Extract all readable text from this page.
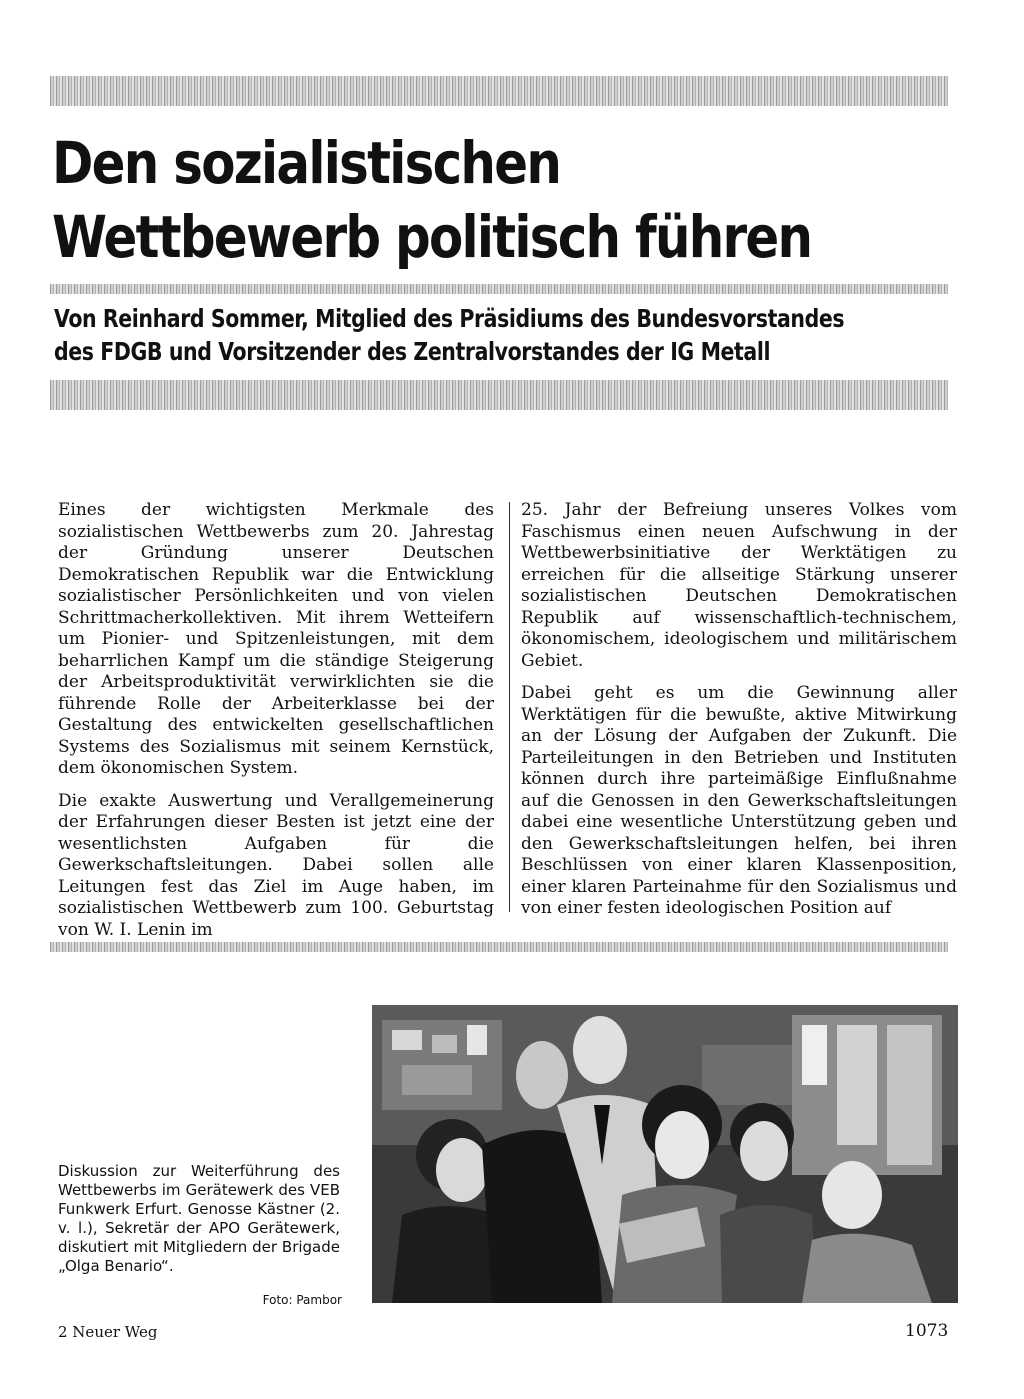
Den sozialistischen
Wettbewerb politisch führen

Von Reinhard Sommer, Mitglied des Präsidiums des Bundesvorstandes
des FDGB und Vorsitzender des Zentralvorstandes der IG Metall

Eines der wichtigsten Merkmale des sozialistischen Wettbewerbs zum 20. Jahrestag der Gründung unserer Deutschen Demokratischen Republik war die Entwicklung sozialistischer Persönlichkeiten und von vielen Schrittmacherkollektiven. Mit ihrem Wetteifern um Pionier- und Spitzenleistungen, mit dem beharrlichen Kampf um die ständige Steigerung der Arbeitsproduktivität verwirklichten sie die führende Rolle der Arbeiterklasse bei der Gestaltung des entwickelten gesellschaftlichen Systems des Sozialismus mit seinem Kernstück, dem ökonomischen System.

Die exakte Auswertung und Verallgemeinerung der Erfahrungen dieser Besten ist jetzt eine der wesentlichsten Aufgaben für die Gewerkschaftsleitungen. Dabei sollen alle Leitungen fest das Ziel im Auge haben, im sozialistischen Wettbewerb zum 100. Geburtstag von W. I. Lenin im

25. Jahr der Befreiung unseres Volkes vom Faschismus einen neuen Aufschwung in der Wettbewerbsinitiative der Werktätigen zu erreichen für die allseitige Stärkung unserer sozialistischen Deutschen Demokratischen Republik auf wissenschaftlich-technischem, ökonomischem, ideologischem und militärischem Gebiet.

Dabei geht es um die Gewinnung aller Werktätigen für die bewußte, aktive Mitwirkung an der Lösung der Aufgaben der Zukunft. Die Parteileitungen in den Betrieben und Instituten können durch ihre parteimäßige Einflußnahme auf die Genossen in den Gewerkschaftsleitungen dabei eine wesentliche Unterstützung geben und den Gewerkschaftsleitungen helfen, bei ihren Beschlüssen von einer klaren Klassenposition, einer klaren Parteinahme für den Sozialismus und von einer festen ideologischen Position auf

Diskussion zur Weiterführung des Wettbewerbs im Gerätewerk des VEB Funkwerk Erfurt. Genosse Kästner (2. v. l.), Sekretär der APO Gerätewerk, diskutiert mit Mitgliedern der Brigade „Olga Benario“.

Foto: Pambor

2 Neuer Weg	1073
